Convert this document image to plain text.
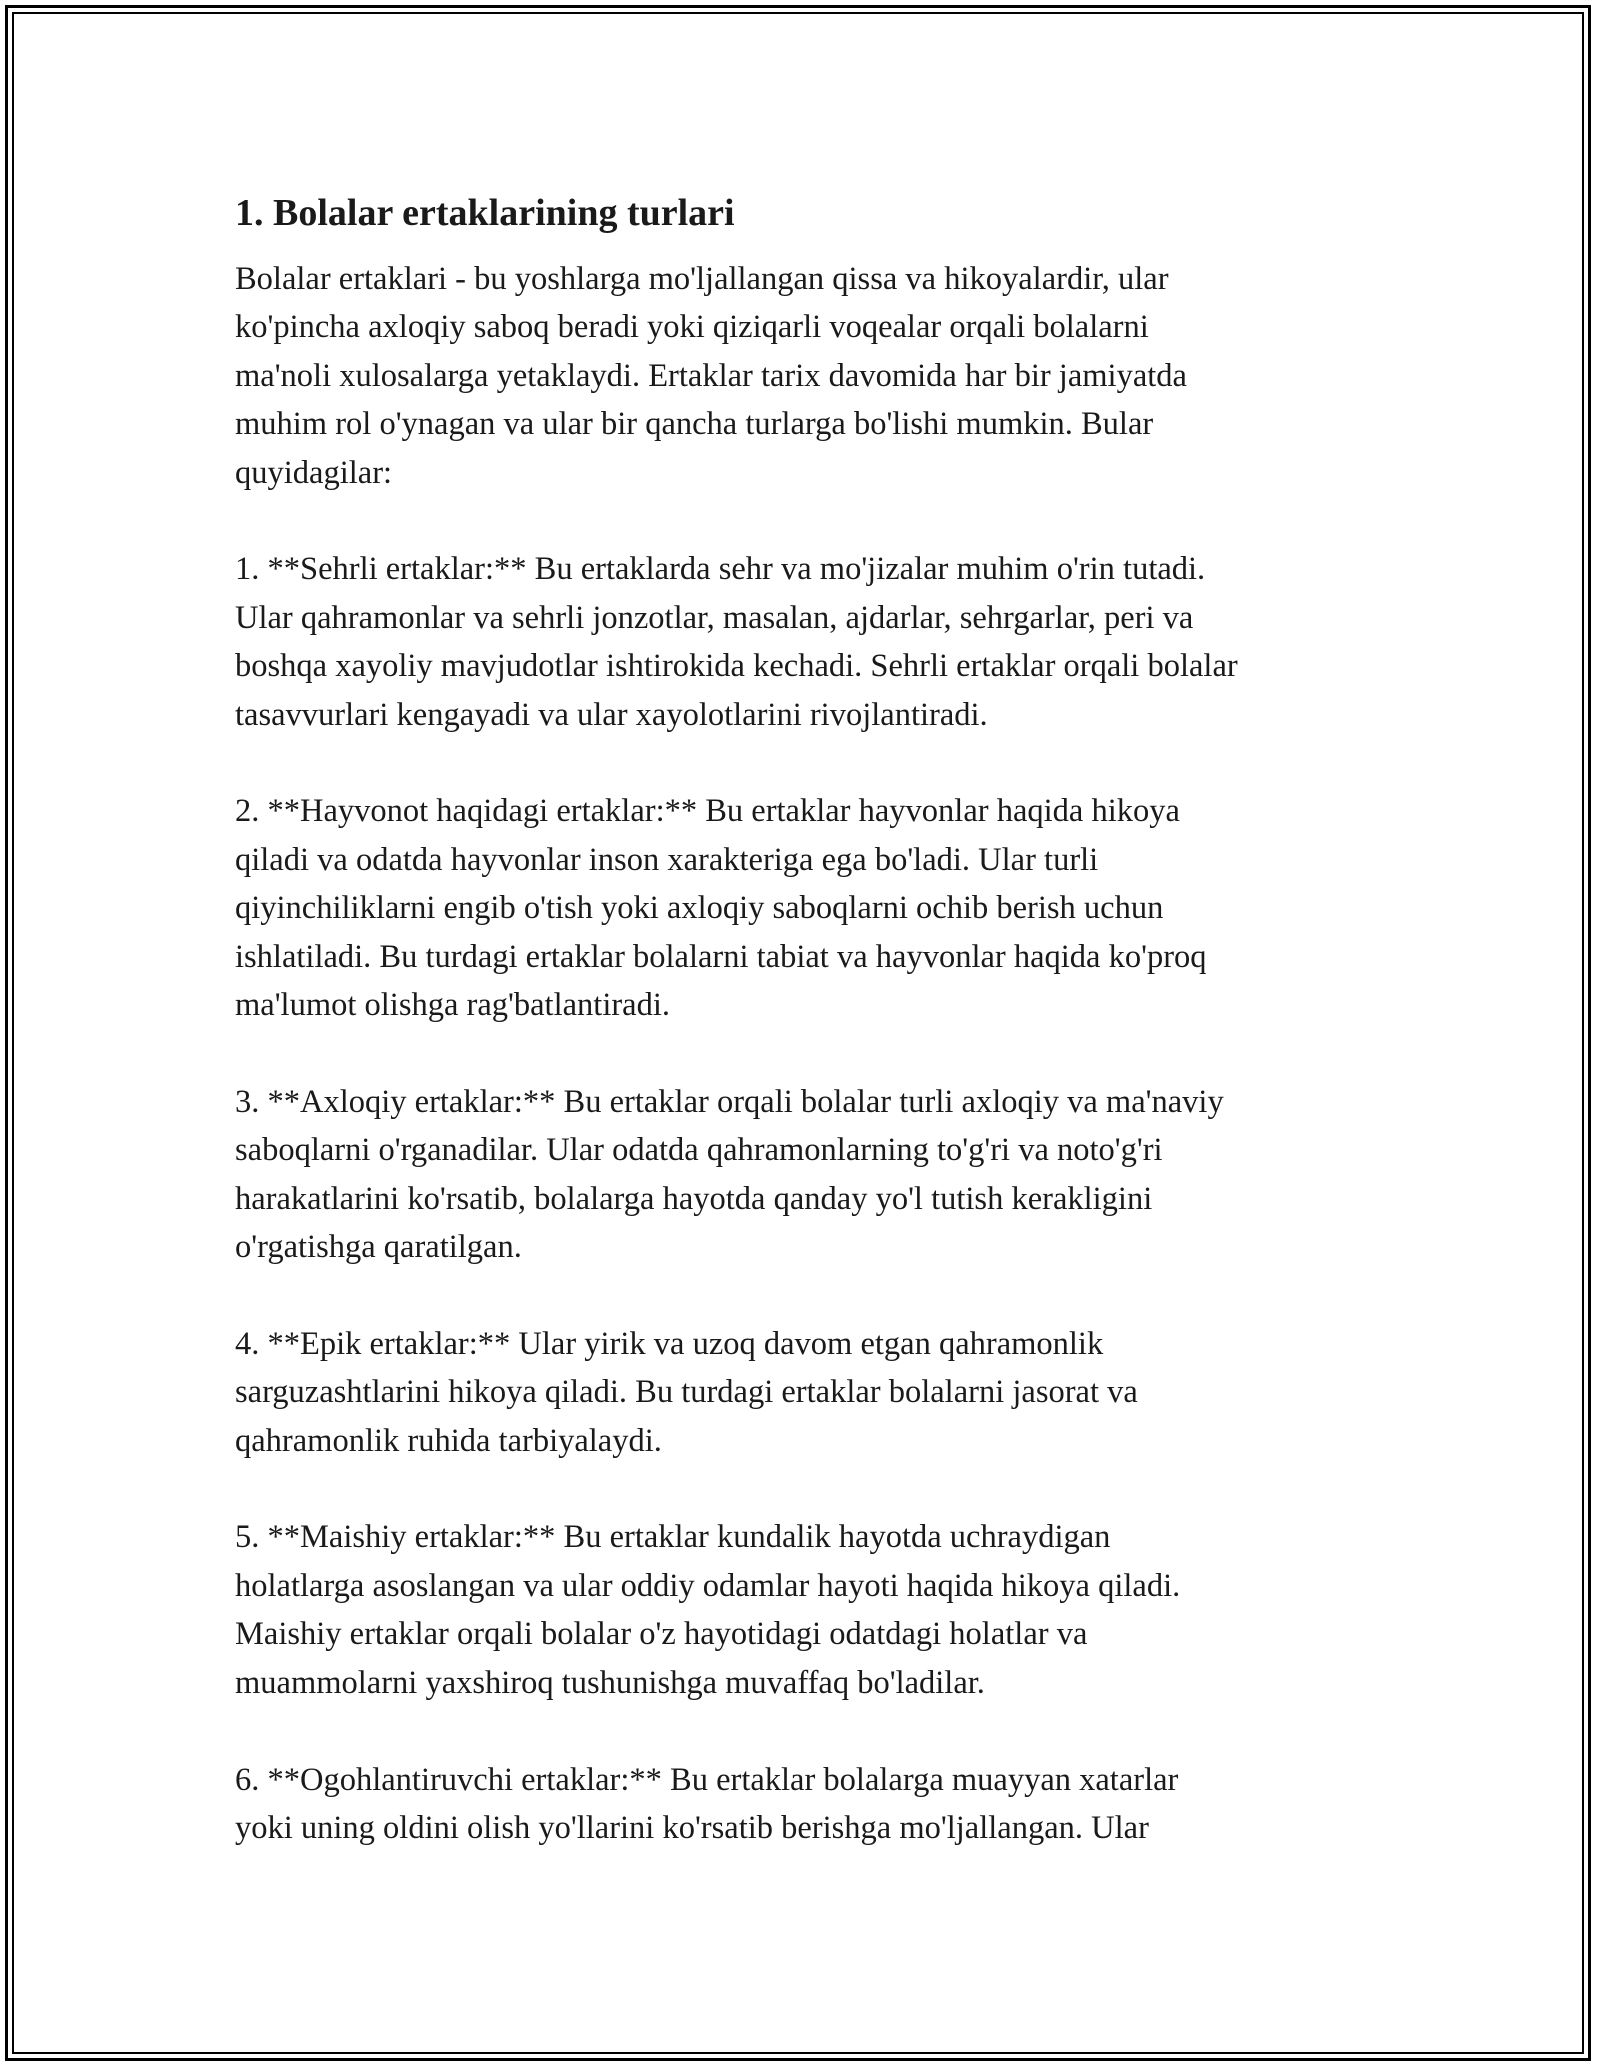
1. Bolalar ertaklarining turlari

Bolalar ertaklari - bu yoshlarga mo'ljallangan qissa va hikoyalardir, ular
ko'pincha axloqiy saboq beradi yoki qiziqarli voqealar orqali bolalarni
ma'noli xulosalarga yetaklaydi. Ertaklar tarix davomida har bir jamiyatda
muhim rol o'ynagan va ular bir qancha turlarga bo'lishi mumkin. Bular
quyidagilar:

1. **Sehrli ertaklar:** Bu ertaklarda sehr va mo'jizalar muhim o'rin tutadi.
Ular qahramonlar va sehrli jonzotlar, masalan, ajdarlar, sehrgarlar, peri va
boshqa xayoliy mavjudotlar ishtirokida kechadi. Sehrli ertaklar orqali bolalar
tasavvurlari kengayadi va ular xayolotlarini rivojlantiradi.

2. **Hayvonot haqidagi ertaklar:** Bu ertaklar hayvonlar haqida hikoya
qiladi va odatda hayvonlar inson xarakteriga ega bo'ladi. Ular turli
qiyinchiliklarni engib o'tish yoki axloqiy saboqlarni ochib berish uchun
ishlatiladi. Bu turdagi ertaklar bolalarni tabiat va hayvonlar haqida ko'proq
ma'lumot olishga rag'batlantiradi.

3. **Axloqiy ertaklar:** Bu ertaklar orqali bolalar turli axloqiy va ma'naviy
saboqlarni o'rganadilar. Ular odatda qahramonlarning to'g'ri va noto'g'ri
harakatlarini ko'rsatib, bolalarga hayotda qanday yo'l tutish kerakligini
o'rgatishga qaratilgan.

4. **Epik ertaklar:** Ular yirik va uzoq davom etgan qahramonlik
sarguzashtlarini hikoya qiladi. Bu turdagi ertaklar bolalarni jasorat va
qahramonlik ruhida tarbiyalaydi.

5. **Maishiy ertaklar:** Bu ertaklar kundalik hayotda uchraydigan
holatlarga asoslangan va ular oddiy odamlar hayoti haqida hikoya qiladi.
Maishiy ertaklar orqali bolalar o'z hayotidagi odatdagi holatlar va
muammolarni yaxshiroq tushunishga muvaffaq bo'ladilar.

6. **Ogohlantiruvchi ertaklar:** Bu ertaklar bolalarga muayyan xatarlar
yoki uning oldini olish yo'llarini ko'rsatib berishga mo'ljallangan. Ular
